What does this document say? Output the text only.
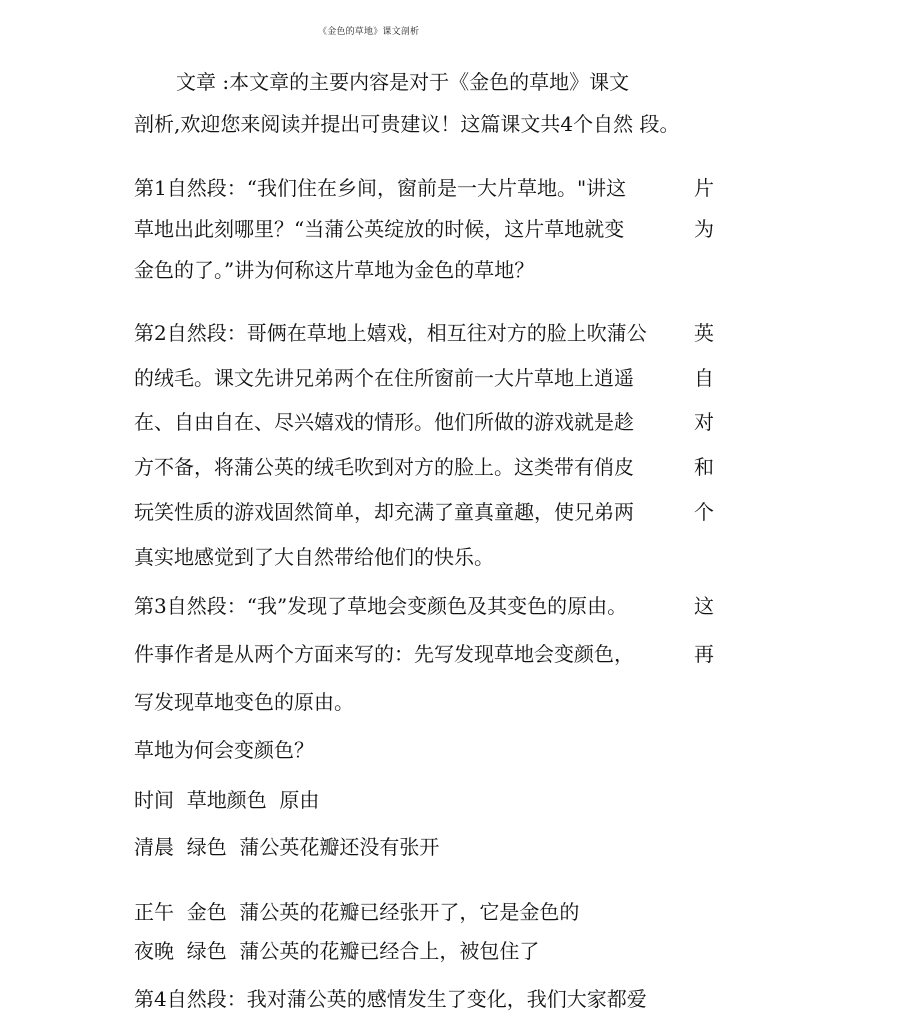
《金色的草地》课文剖析
文章 :本文章的主要内容是对于《金色的草地》课文
剖析,欢迎您来阅读并提出可贵建议！这篇课文共4个自然 段。
第1自然段：“我们住在乡间，窗前是一大片草地。"讲这	片
草地出此刻哪里？“当蒲公英绽放的时候，这片草地就变	为
金色的了。”讲为何称这片草地为金色的草地？
第2自然段：哥俩在草地上嬉戏，相互往对方的脸上吹蒲公 英
的绒毛。课文先讲兄弟两个在住所窗前一大片草地上逍遥	自
在、自由自在、尽兴嬉戏的情形。他们所做的游戏就是趁	对
方不备，将蒲公英的绒毛吹到对方的脸上。这类带有俏皮	和
玩笑性质的游戏固然简单，却充满了童真童趣，使兄弟两	个
真实地感觉到了大自然带给他们的快乐。
第3自然段：“我”发现了草地会变颜色及其变色的原由。	这
件事作者是从两个方面来写的：先写发现草地会变颜色，	再
写发现草地变色的原由。
草地为何会变颜色？
时间  草地颜色  原由
清晨  绿色  蒲公英花瓣还没有张开
正午  金色  蒲公英的花瓣已经张开了，它是金色的
夜晚  绿色  蒲公英的花瓣已经合上，被包住了
第4自然段：我对蒲公英的感情发生了变化，我们大家都爱
